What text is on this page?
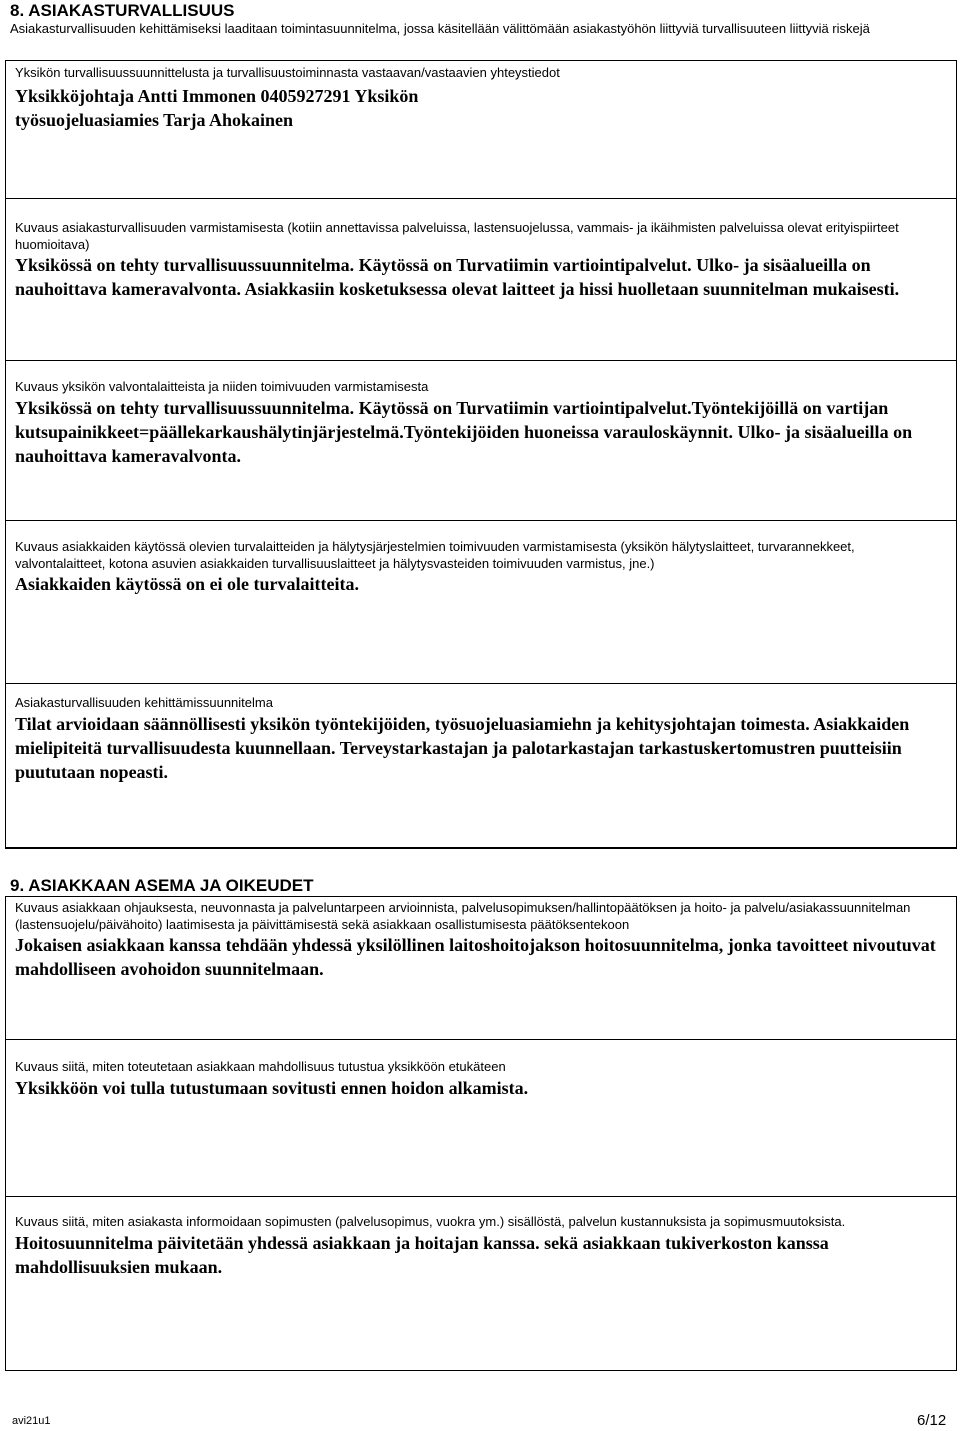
8. ASIAKASTURVALLISUUS

Asiakasturvallisuuden kehittämiseksi laaditaan toimintasuunnitelma, jossa käsitellään välittömään asiakastyöhön liittyviä turvallisuuteen liittyviä riskejä

Yksikön turvallisuussuunnittelusta ja turvallisuustoiminnasta vastaavan/vastaavien yhteystiedot

Yksikköjohtaja Antti Immonen 0405927291 Yksikön työsuojeluasiamies Tarja Ahokainen

Kuvaus asiakasturvallisuuden varmistamisesta (kotiin annettavissa palveluissa, lastensuojelussa, vammais- ja ikäihmisten palveluissa olevat erityispiirteet huomioitava)

Yksikössä on tehty turvallisuussuunnitelma. Käytössä on Turvatiimin vartiointipalvelut. Ulko- ja sisäalueilla on nauhoittava kameravalvonta. Asiakkasiin kosketuksessa olevat laitteet ja hissi huolletaan suunnitelman mukaisesti.

Kuvaus yksikön valvontalaitteista ja niiden toimivuuden varmistamisesta

Yksikössä on tehty turvallisuussuunnitelma. Käytössä on Turvatiimin vartiointipalvelut.Työntekijöillä on vartijan kutsupainikkeet=päällekarkaushälytinjärjestelmä.Työntekijöiden huoneissa varauloskäynnit. Ulko- ja sisäalueilla on nauhoittava kameravalvonta.

Kuvaus asiakkaiden käytössä olevien turvalaitteiden ja hälytysjärjestelmien toimivuuden varmistamisesta (yksikön hälytyslaitteet, turvarannekkeet, valvontalaitteet, kotona asuvien asiakkaiden turvallisuuslaitteet ja hälytysvasteiden toimivuuden varmistus, jne.)

Asiakkaiden käytössä on ei ole turvalaitteita.

Asiakasturvallisuuden kehittämissuunnitelma

Tilat arvioidaan säännöllisesti yksikön työntekijöiden, työsuojeluasiamiehn ja kehitysjohtajan toimesta. Asiakkaiden mielipiteitä turvallisuudesta kuunnellaan. Terveystarkastajan ja palotarkastajan tarkastuskertomustren puutteisiin puututaan nopeasti.

9. ASIAKKAAN ASEMA JA OIKEUDET

Kuvaus asiakkaan ohjauksesta, neuvonnasta ja palveluntarpeen arvioinnista, palvelusopimuksen/hallintopäätöksen ja hoito- ja palvelu/asiakassuunnitelman (lastensuojelu/päivähoito) laatimisesta ja päivittämisestä sekä asiakkaan osallistumisesta päätöksentekoon

Jokaisen asiakkaan kanssa tehdään yhdessä yksilöllinen laitoshoitojakson hoitosuunnitelma, jonka tavoitteet nivoutuvat mahdolliseen avohoidon suunnitelmaan.

Kuvaus siitä, miten toteutetaan asiakkaan mahdollisuus tutustua yksikköön etukäteen

Yksikköön voi tulla tutustumaan sovitusti ennen hoidon alkamista.

Kuvaus siitä, miten asiakasta informoidaan sopimusten (palvelusopimus, vuokra ym.) sisällöstä, palvelun kustannuksista ja sopimusmuutoksista.

Hoitosuunnitelma päivitetään yhdessä asiakkaan ja hoitajan kanssa. sekä asiakkaan tukiverkoston kanssa mahdollisuuksien mukaan.

avi21u1	6/12
